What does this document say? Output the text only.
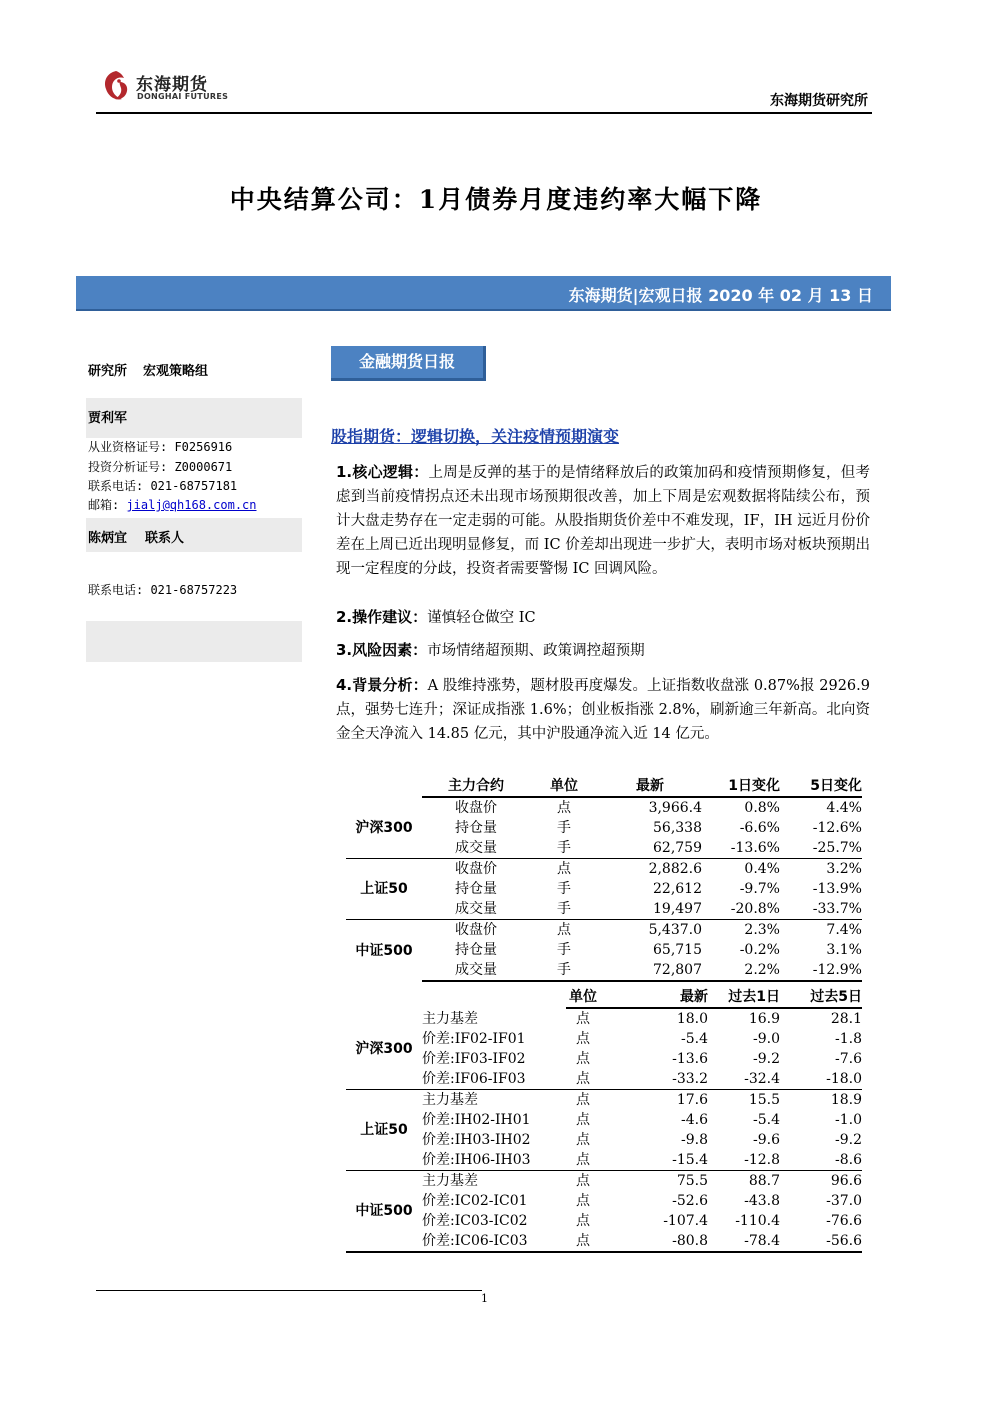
东海期货
DONGHAI FUTURES	东海期货研究所
中央结算公司：1月债券月度违约率大幅下降
东海期货|宏观日报 2020 年 02 月 13 日
研究所 宏观策略组
贾利军
从业资格证号: F0256916
投资分析证号: Z0000671
联系电话: 021-68757181
邮箱: jialj@qh168.com.cn
陈炳宜 联系人
联系电话: 021-68757223
金融期货日报
股指期货：逻辑切换，关注疫情预期演变
1.核心逻辑：上周是反弹的基于的是情绪释放后的政策加码和疫情预期修复，但考虑到当前疫情拐点还未出现市场预期很改善，加上下周是宏观数据将陆续公布，预计大盘走势存在一定走弱的可能。从股指期货价差中不难发现，IF，IH 远近月份价差在上周已近出现明显修复，而 IC 价差却出现进一步扩大，表明市场对板块预期出现一定程度的分歧，投资者需要警惕 IC 回调风险。
2.操作建议：谨慎轻仓做空 IC
3.风险因素：市场情绪超预期、政策调控超预期
4.背景分析：A 股维持涨势，题材股再度爆发。上证指数收盘涨 0.87%报 2926.9 点，强势七连升；深证成指涨 1.6%；创业板指涨 2.8%，刷新逾三年新高。北向资金全天净流入 14.85 亿元，其中沪股通净流入近 14 亿元。
	主力合约	单位	最新	1日变化	5日变化
沪深300	收盘价	点	3,966.4	0.8%	4.4%
	持仓量	手	56,338	-6.6%	-12.6%
	成交量	手	62,759	-13.6%	-25.7%
上证50	收盘价	点	2,882.6	0.4%	3.2%
	持仓量	手	22,612	-9.7%	-13.9%
	成交量	手	19,497	-20.8%	-33.7%
中证500	收盘价	点	5,437.0	2.3%	7.4%
	持仓量	手	65,715	-0.2%	3.1%
	成交量	手	72,807	2.2%	-12.9%
		单位	最新	过去1日	过去5日
沪深300	主力基差	点	18.0	16.9	28.1
	价差:IF02-IF01	点	-5.4	-9.0	-1.8
	价差:IF03-IF02	点	-13.6	-9.2	-7.6
	价差:IF06-IF03	点	-33.2	-32.4	-18.0
上证50	主力基差	点	17.6	15.5	18.9
	价差:IH02-IH01	点	-4.6	-5.4	-1.0
	价差:IH03-IH02	点	-9.8	-9.6	-9.2
	价差:IH06-IH03	点	-15.4	-12.8	-8.6
中证500	主力基差	点	75.5	88.7	96.6
	价差:IC02-IC01	点	-52.6	-43.8	-37.0
	价差:IC03-IC02	点	-107.4	-110.4	-76.6
	价差:IC06-IC03	点	-80.8	-78.4	-56.6
1
